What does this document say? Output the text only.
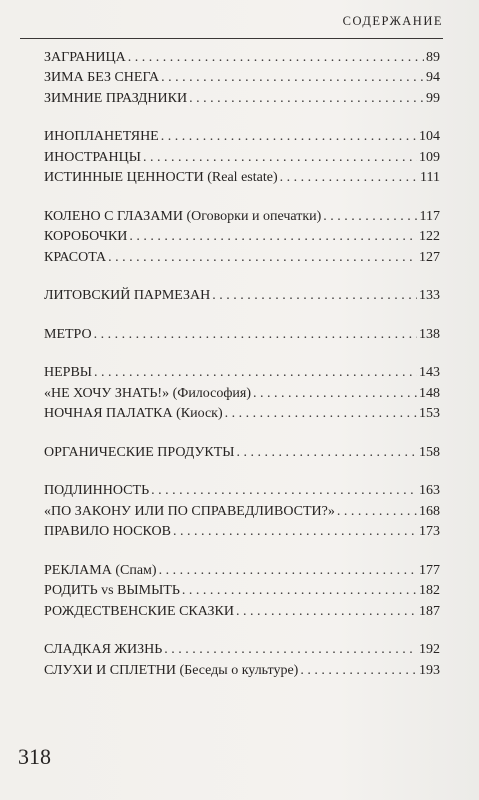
СОДЕРЖАНИЕ
ЗАГРАНИЦА . . .	89
ЗИМА БЕЗ СНЕГА . . .	94
ЗИМНИЕ ПРАЗДНИКИ . . .	99
ИНОПЛАНЕТЯНЕ . . .	104
ИНОСТРАНЦЫ . . .	109
ИСТИННЫЕ ЦЕННОСТИ (Real estate) . . .	111
КОЛЕНО С ГЛАЗАМИ (Оговорки и опечатки) . . .	117
КОРОБОЧКИ . . .	122
КРАСОТА . . .	127
ЛИТОВСКИЙ ПАРМЕЗАН . . .	133
МЕТРО . . .	138
НЕРВЫ . . .	143
«НЕ ХОЧУ ЗНАТЬ!» (Философия) . . .	148
НОЧНАЯ ПАЛАТКА (Киоск) . . .	153
ОРГАНИЧЕСКИЕ ПРОДУКТЫ . . .	158
ПОДЛИННОСТЬ . . .	163
«ПО ЗАКОНУ ИЛИ ПО СПРАВЕДЛИВОСТИ?» . . .	168
ПРАВИЛО НОСКОВ . . .	173
РЕКЛАМА (Спам) . . .	177
РОДИТЬ vs ВЫМЫТЬ . . .	182
РОЖДЕСТВЕНСКИЕ СКАЗКИ . . .	187
СЛАДКАЯ ЖИЗНЬ . . .	192
СЛУХИ И СПЛЕТНИ (Беседы о культуре) . . .	193
318
